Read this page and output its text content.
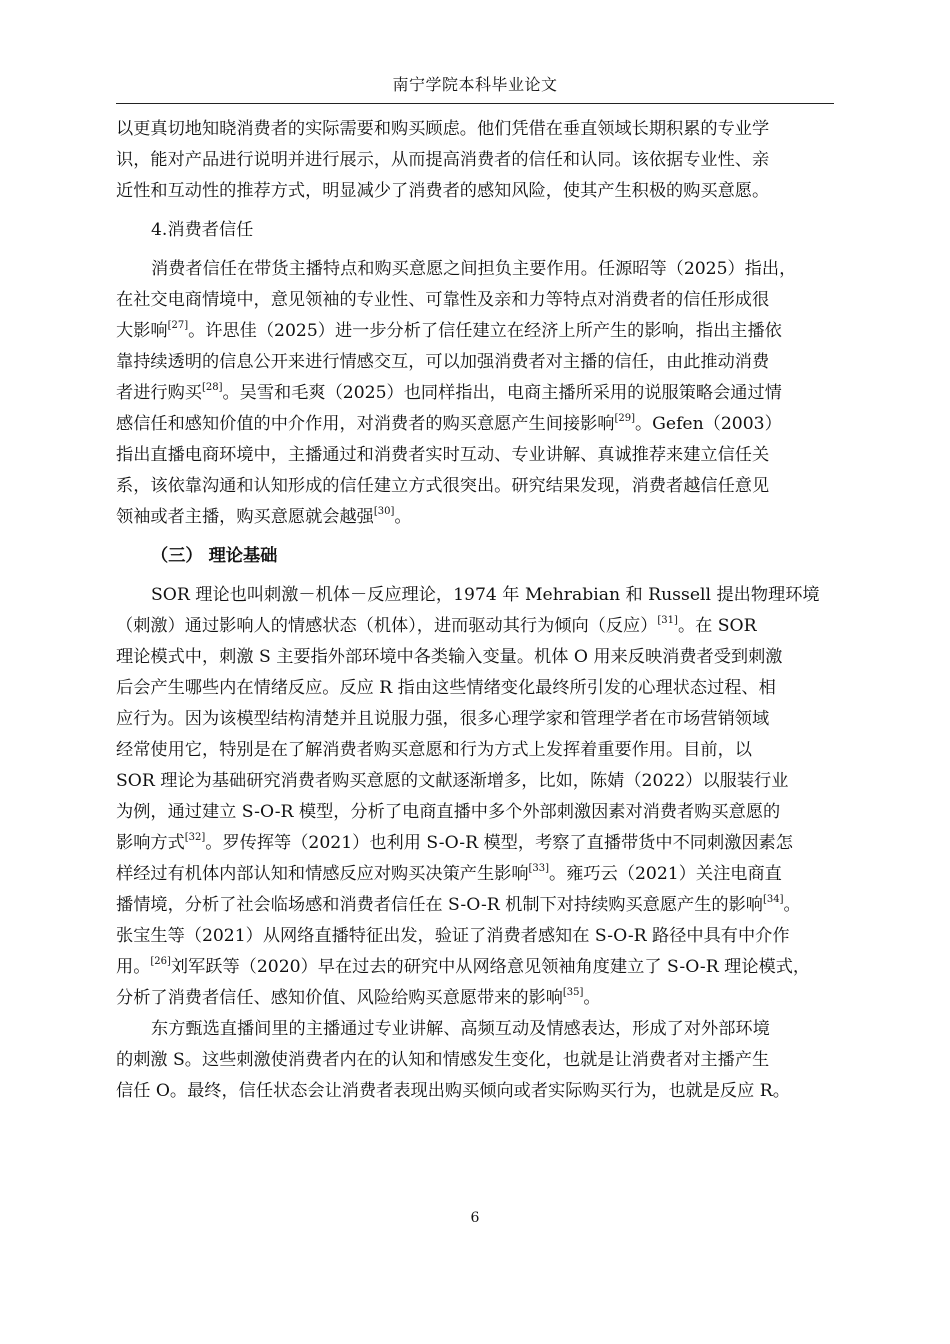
南宁学院本科毕业论文
以更真切地知晓消费者的实际需要和购买顾虑。他们凭借在垂直领域长期积累的专业学
识，能对产品进行说明并进行展示，从而提高消费者的信任和认同。该依据专业性、亲
近性和互动性的推荐方式，明显减少了消费者的感知风险，使其产生积极的购买意愿。
4.消费者信任
消费者信任在带货主播特点和购买意愿之间担负主要作用。任源昭等（2025）指出，
在社交电商情境中，意见领袖的专业性、可靠性及亲和力等特点对消费者的信任形成很
大影响[27]。许思佳（2025）进一步分析了信任建立在经济上所产生的影响，指出主播依
靠持续透明的信息公开来进行情感交互，可以加强消费者对主播的信任，由此推动消费
者进行购买[28]。吴雪和毛爽（2025）也同样指出，电商主播所采用的说服策略会通过情
感信任和感知价值的中介作用，对消费者的购买意愿产生间接影响[29]。Gefen（2003）
指出直播电商环境中，主播通过和消费者实时互动、专业讲解、真诚推荐来建立信任关
系，该依靠沟通和认知形成的信任建立方式很突出。研究结果发现，消费者越信任意见
领袖或者主播，购买意愿就会越强[30]。
（三） 理论基础
SOR 理论也叫刺激－机体－反应理论，1974 年 Mehrabian 和 Russell 提出物理环境
（刺激）通过影响人的情感状态（机体），进而驱动其行为倾向（反应）[31]。在 SOR
理论模式中，刺激 S 主要指外部环境中各类输入变量。机体 O 用来反映消费者受到刺激
后会产生哪些内在情绪反应。反应 R 指由这些情绪变化最终所引发的心理状态过程、相
应行为。因为该模型结构清楚并且说服力强，很多心理学家和管理学者在市场营销领域
经常使用它，特别是在了解消费者购买意愿和行为方式上发挥着重要作用。目前，以
SOR 理论为基础研究消费者购买意愿的文献逐渐增多，比如，陈婧（2022）以服装行业
为例，通过建立 S-O-R 模型，分析了电商直播中多个外部刺激因素对消费者购买意愿的
影响方式[32]。罗传挥等（2021）也利用 S-O-R 模型，考察了直播带货中不同刺激因素怎
样经过有机体内部认知和情感反应对购买决策产生影响[33]。雍巧云（2021）关注电商直
播情境，分析了社会临场感和消费者信任在 S-O-R 机制下对持续购买意愿产生的影响[34]。
张宝生等（2021）从网络直播特征出发，验证了消费者感知在 S-O-R 路径中具有中介作
用。[26]刘军跃等（2020）早在过去的研究中从网络意见领袖角度建立了 S-O-R 理论模式，
分析了消费者信任、感知价值、风险给购买意愿带来的影响[35]。
东方甄选直播间里的主播通过专业讲解、高频互动及情感表达，形成了对外部环境
的刺激 S。这些刺激使消费者内在的认知和情感发生变化，也就是让消费者对主播产生
信任 O。最终，信任状态会让消费者表现出购买倾向或者实际购买行为，也就是反应 R。
6
